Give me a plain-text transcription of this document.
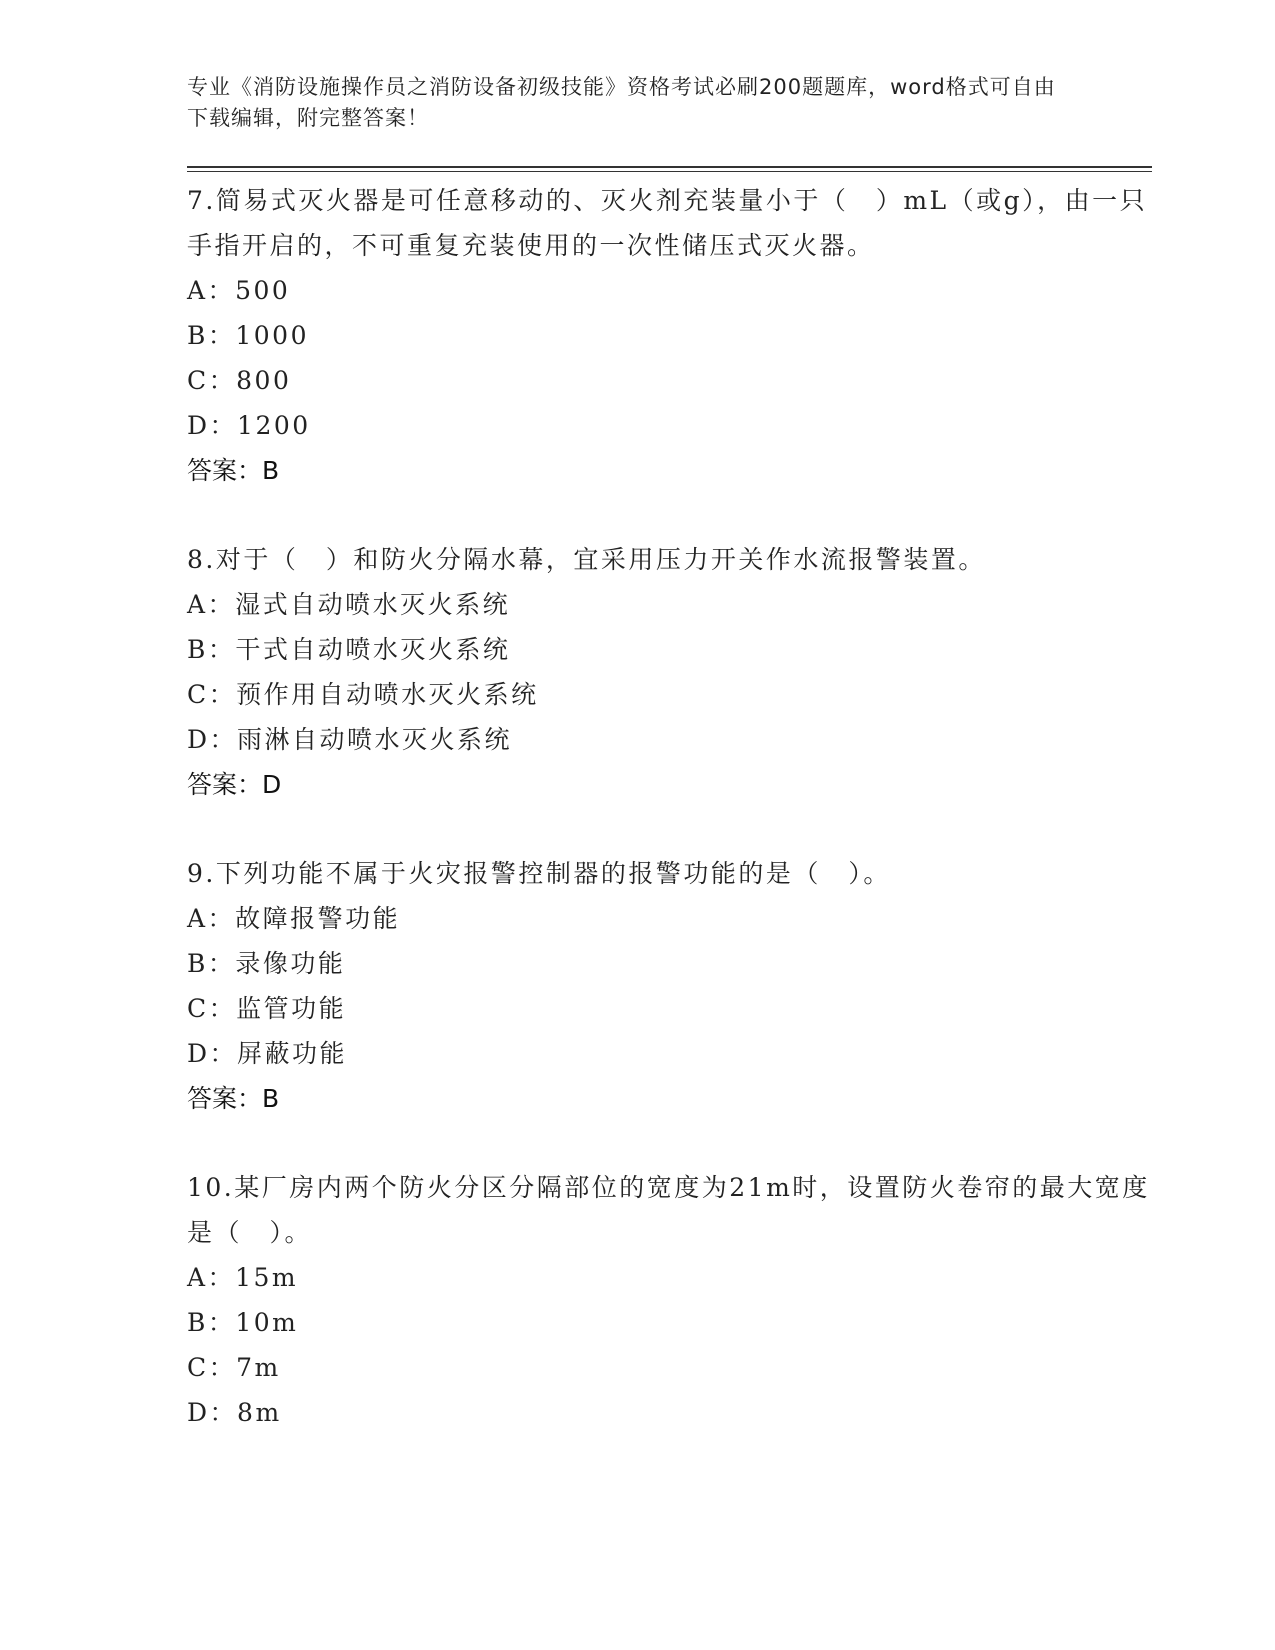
专业《消防设施操作员之消防设备初级技能》资格考试必刷200题题库，word格式可自由下载编辑，附完整答案！
7.简易式灭火器是可任意移动的、灭火剂充装量小于（　）mL（或g），由一只手指开启的，不可重复充装使用的一次性储压式灭火器。
A： 500
B： 1000
C： 800
D： 1200
答案：B
8.对于（　）和防火分隔水幕，宜采用压力开关作水流报警装置。
A： 湿式自动喷水灭火系统
B： 干式自动喷水灭火系统
C： 预作用自动喷水灭火系统
D： 雨淋自动喷水灭火系统
答案：D
9.下列功能不属于火灾报警控制器的报警功能的是（　）。
A： 故障报警功能
B： 录像功能
C： 监管功能
D： 屏蔽功能
答案：B
10.某厂房内两个防火分区分隔部位的宽度为21m时，设置防火卷帘的最大宽度是（　）。
A： 15m
B： 10m
C： 7m
D： 8m
